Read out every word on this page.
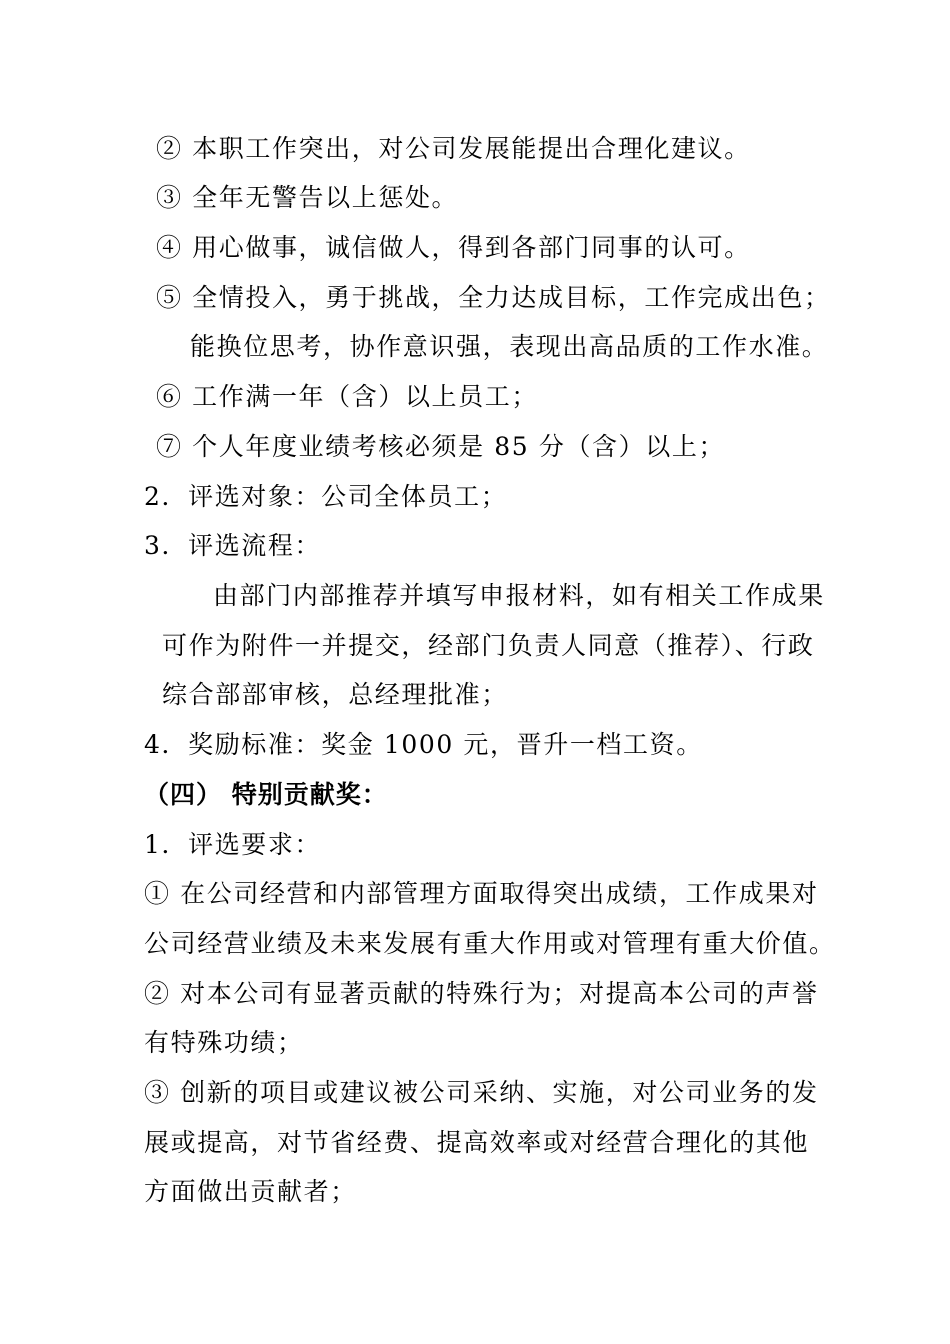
② 本职工作突出，对公司发展能提出合理化建议。
③ 全年无警告以上惩处。
④ 用心做事，诚信做人，得到各部门同事的认可。
⑤ 全情投入，勇于挑战，全力达成目标，工作完成出色；
能换位思考，协作意识强，表现出高品质的工作水准。
⑥ 工作满一年（含）以上员工；
⑦ 个人年度业绩考核必须是 85 分（含）以上；
2．评选对象：公司全体员工；
3．评选流程：
由部门内部推荐并填写申报材料，如有相关工作成果
可作为附件一并提交，经部门负责人同意（推荐）、行政
综合部部审核，总经理批准；
4．奖励标准：奖金 1000 元，晋升一档工资。
（四） 特别贡献奖：
1．评选要求：
① 在公司经营和内部管理方面取得突出成绩，工作成果对
公司经营业绩及未来发展有重大作用或对管理有重大价值。
② 对本公司有显著贡献的特殊行为；对提高本公司的声誉
有特殊功绩；
③ 创新的项目或建议被公司采纳、实施，对公司业务的发
展或提高，对节省经费、提高效率或对经营合理化的其他
方面做出贡献者；
